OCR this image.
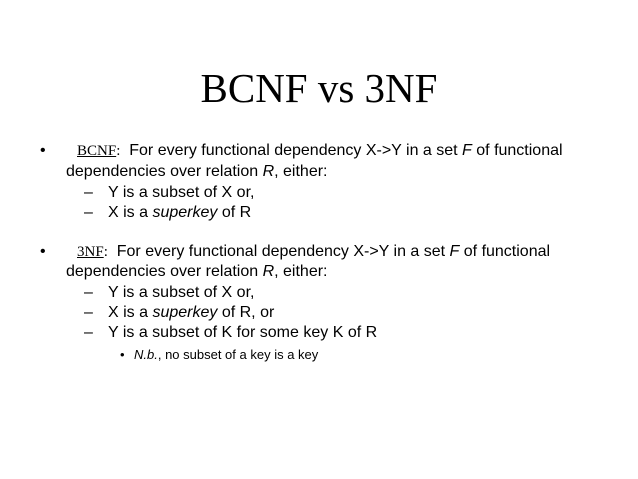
BCNF vs 3NF
• BCNF: For every functional dependency X->Y in a set F of functional
dependencies over relation R, either:
– Y is a subset of X or,
– X is a superkey of R
• 3NF: For every functional dependency X->Y in a set F of functional
dependencies over relation R, either:
– Y is a subset of X or,
– X is a superkey of R, or
– Y is a subset of K for some key K of R
• N.b., no subset of a key is a key
